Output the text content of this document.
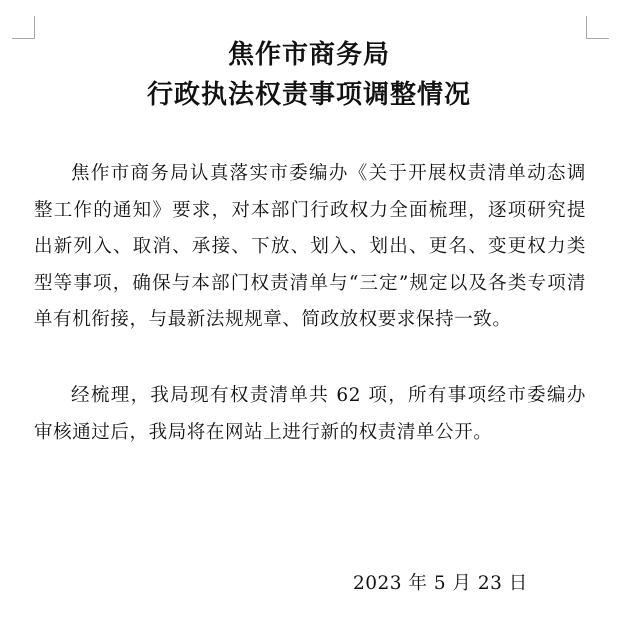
焦作市商务局
行政执法权责事项调整情况

焦作市商务局认真落实市委编办《关于开展权责清单动态调整工作的通知》要求，对本部门行政权力全面梳理，逐项研究提出新列入、取消、承接、下放、划入、划出、更名、变更权力类型等事项，确保与本部门权责清单与“三定”规定以及各类专项清单有机衔接，与最新法规规章、简政放权要求保持一致。

经梳理，我局现有权责清单共 62 项，所有事项经市委编办审核通过后，我局将在网站上进行新的权责清单公开。

2023 年 5 月 23 日
